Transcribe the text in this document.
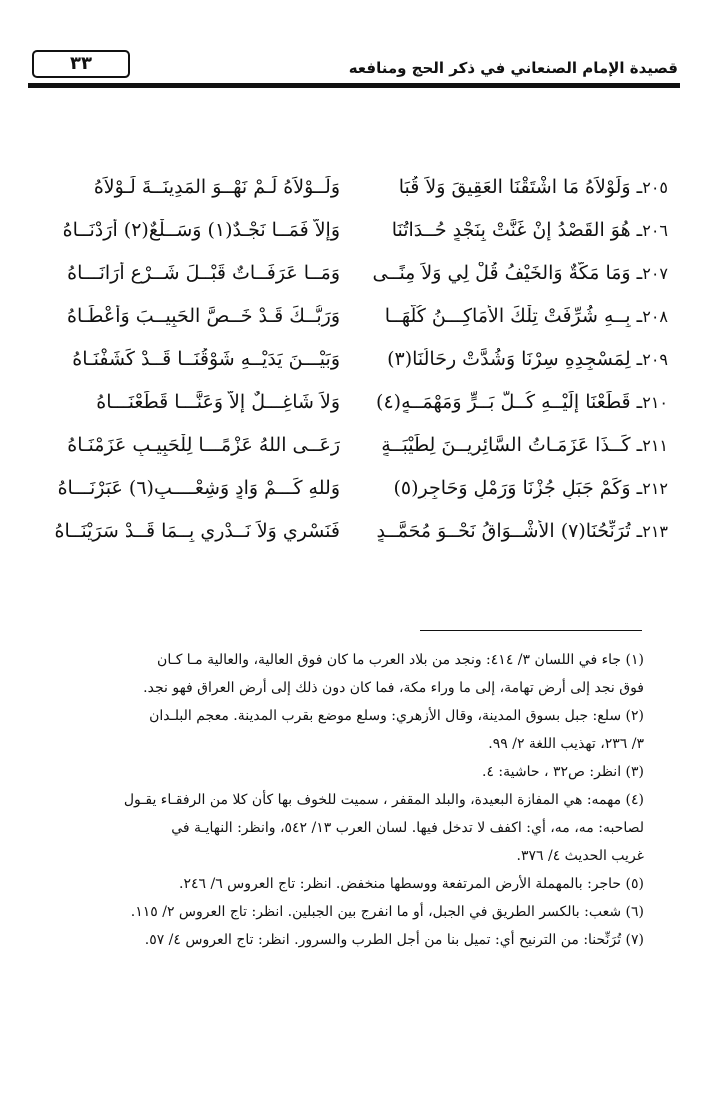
٣٣	قصيدة الإمام الصنعاني في ذكر الحج ومنافعه
٢٠٥ـ وَلَوْلاَهُ مَا اشْتَقْنَا العَقِيقَ وَلاَ قُبَا
وَلَــوْلاَهُ لَـمْ نَهْــوَ المَدِينَــةَ لَـوْلاَهُ
٢٠٦ـ هُوَ القَصْدُ إِنْ غَنَّتْ بِنَجْدٍ حُــدَاتُنَا
وَإِلاَّ فَمَــا نَجْـدٌ(١) وَسَــلْعٌ(٢) أَرَدْنَــاهُ
٢٠٧ـ وَمَا مَكَّةٌ وَالخَيْفُ قُلْ لِي وَلاَ مِنًــى
وَمَــا عَرَفَــاتٌ قَبْــلَ شَــرْعٍ أَرَانَـــاهُ
٢٠٨ـ بِــهِ شُرِّفَتْ تِلْكَ الأَمَاكِـــنُ كُلُّهَــا
وَرَبُّــكَ قَـدْ خَــصَّ الحَبِيــبَ وَأَعْطَـاهُ
٢٠٩ـ لِمَسْجِدِهِ سِرْنَا وَشُدَّتْ رِحَالُنَا(٣)
وَبَيْـــنَ يَدَيْــهِ شَوْقُنَــا قَــدْ كَشَفْنَـاهُ
٢١٠ـ قَطَعْنَا إِلَيْــهِ كُــلَّ بَــرٍّ وَمَهْمَــهٍ(٤)
وَلاَ شَاغِـــلٌ إِلاَّ وَعَنَّـــا قَطَعْنَـــاهُ
٢١١ـ كَــذَا عَزَمَـاتُ السَّائِرِيــنَ لِطَيْبَــةٍ
رَعَــى اللهُ عَزْمًـــا لِلْحَبِيـبِ عَزَمْنَـاهُ
٢١٢ـ وَكَمْ جَبَلٍ جُزْنَا وَرَمْلٍ وَحَاجِرٍ(٥)
وَللهِ كَـــمْ وَادٍ وَشِعْــــبٍ(٦) عَبَرْنَـــاهُ
٢١٣ـ تُرَنِّحُنَا(٧) الأَشْــوَاقُ نَحْــوَ مُحَمَّــدٍ
فَنَسْرِي وَلاَ نَــدْرِي بِــمَا قَــدْ سَرَيْنَــاهُ
(١) جاء في اللسان ٣/ ٤١٤: ونجد من بلاد العرب ما كان فوق العالية، والعالية مـا كـان
فوق نجد إلى أرض تهامة، إلى ما وراء مكة، فما كان دون ذلك إلى أرض العراق فهو نجد.
(٢) سلع: جبل بسوق المدينة، وقال الأزهري: وسلع موضع بقرب المدينة. معجم البلـدان
٣/ ٢٣٦، تهذيب اللغة ٢/ ٩٩.
(٣) انظر: ص٣٢ ، حاشية: ٤.
(٤) مهمه: هي المفازة البعيدة، والبلد المقفر ، سميت للخوف بها كأن كلا من الرفقـاء يقـول
لصاحبه: مه، مه، أي: اكفف لا تدخل فيها. لسان العرب ١٣/ ٥٤٢، وانظر: النهايـة في
غريب الحديث ٤/ ٣٧٦.
(٥) حاجر: بالمهملة الأرض المرتفعة ووسطها منخفض. انظر: تاج العروس ٦/ ٢٤٦.
(٦) شعب: بالكسر الطريق في الجبل، أو ما انفرج بين الجبلين. انظر: تاج العروس ٢/ ١١٥.
(٧) تُرَنِّحنا: من الترنيح أي: تميل بنا من أجل الطرب والسرور. انظر: تاج العروس ٤/ ٥٧.
